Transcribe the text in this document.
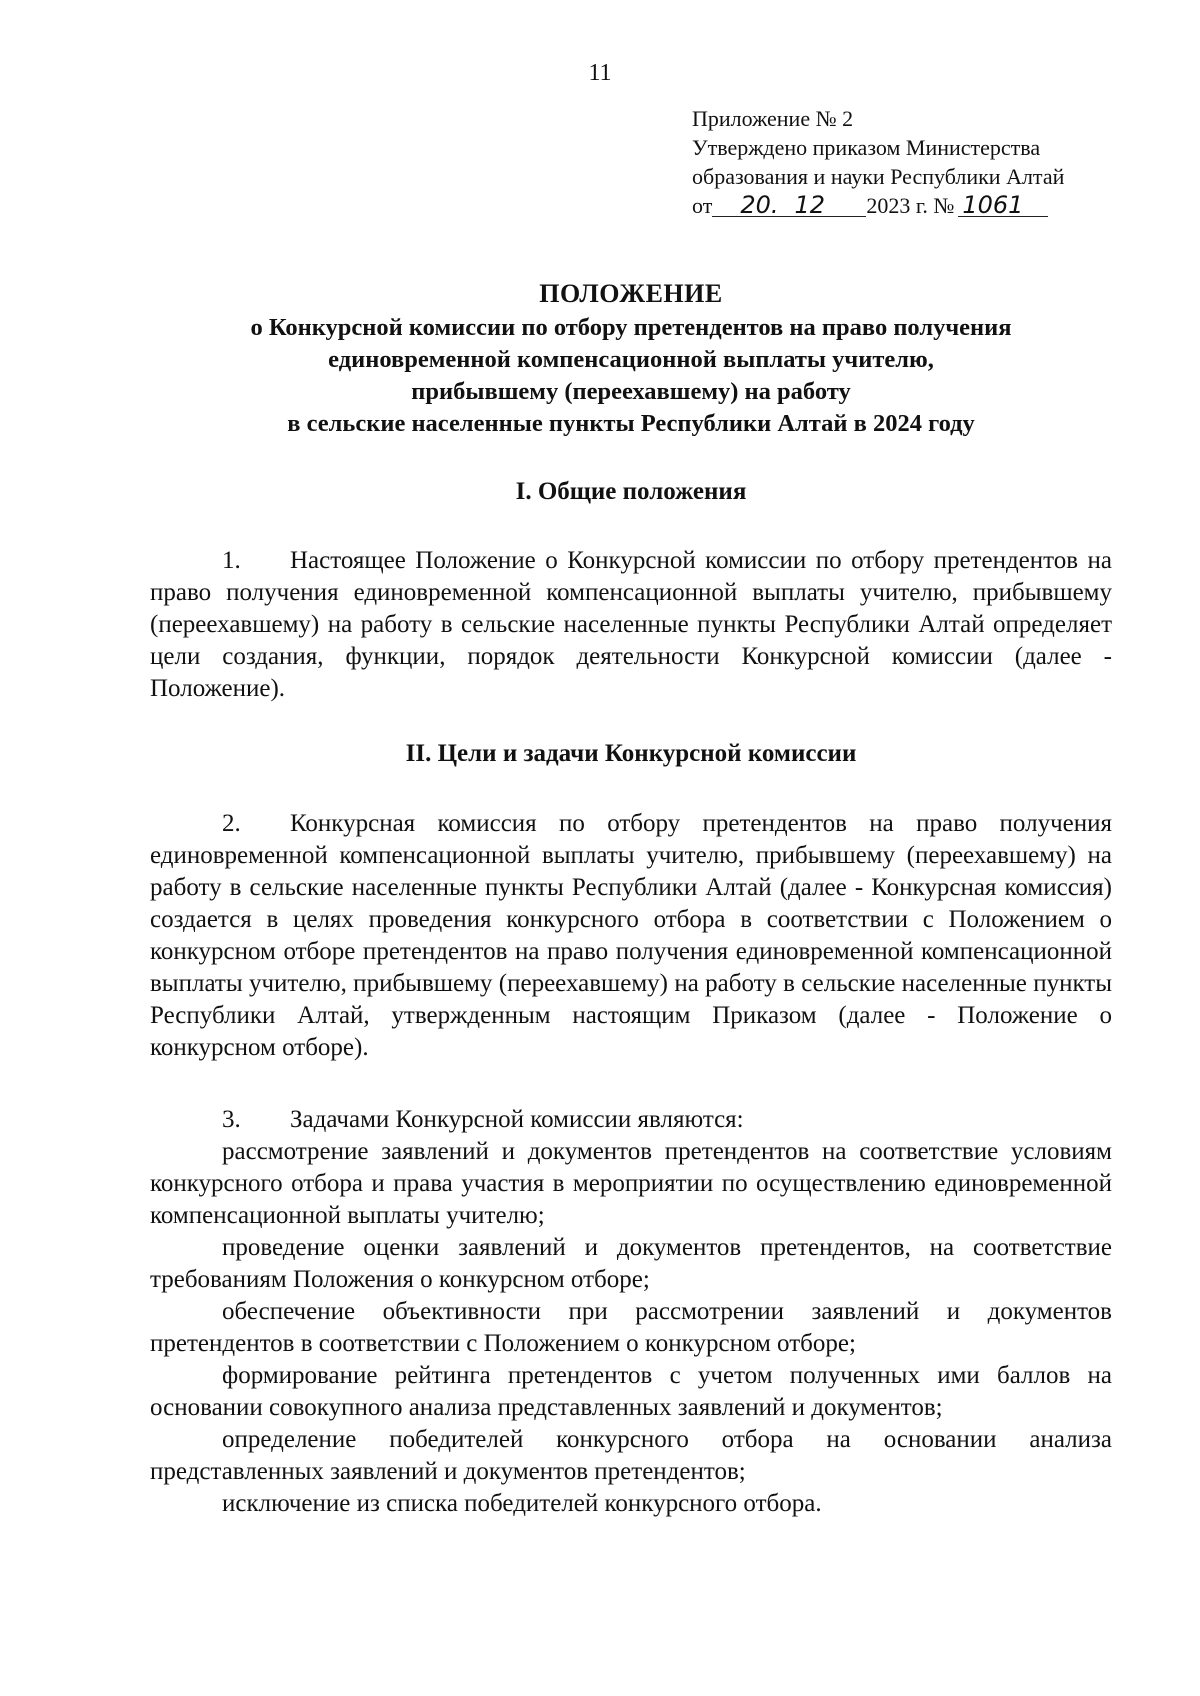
11
Приложение № 2
Утверждено приказом Министерства
образования и науки Республики Алтай
от 20. 12 2023 г. № 1061
ПОЛОЖЕНИЕ
о Конкурсной комиссии по отбору претендентов на право получения
единовременной компенсационной выплаты учителю,
прибывшему (переехавшему) на работу
в сельские населенные пункты Республики Алтай в 2024 году
I. Общие положения
1. Настоящее Положение о Конкурсной комиссии по отбору претендентов на право получения единовременной компенсационной выплаты учителю, прибывшему (переехавшему) на работу в сельские населенные пункты Республики Алтай определяет цели создания, функции, порядок деятельности Конкурсной комиссии (далее - Положение).
II. Цели и задачи Конкурсной комиссии
2. Конкурсная комиссия по отбору претендентов на право получения единовременной компенсационной выплаты учителю, прибывшему (переехавшему) на работу в сельские населенные пункты Республики Алтай (далее - Конкурсная комиссия) создается в целях проведения конкурсного отбора в соответствии с Положением о конкурсном отборе претендентов на право получения единовременной компенсационной выплаты учителю, прибывшему (переехавшему) на работу в сельские населенные пункты Республики Алтай, утвержденным настоящим Приказом (далее - Положение о конкурсном отборе).
3. Задачами Конкурсной комиссии являются:

рассмотрение заявлений и документов претендентов на соответствие условиям конкурсного отбора и права участия в мероприятии по осуществлению единовременной компенсационной выплаты учителю;

проведение оценки заявлений и документов претендентов, на соответствие требованиям Положения о конкурсном отборе;

обеспечение объективности при рассмотрении заявлений и документов претендентов в соответствии с Положением о конкурсном отборе;

формирование рейтинга претендентов с учетом полученных ими баллов на основании совокупного анализа представленных заявлений и документов;

определение победителей конкурсного отбора на основании анализа представленных заявлений и документов претендентов;

исключение из списка победителей конкурсного отбора.
